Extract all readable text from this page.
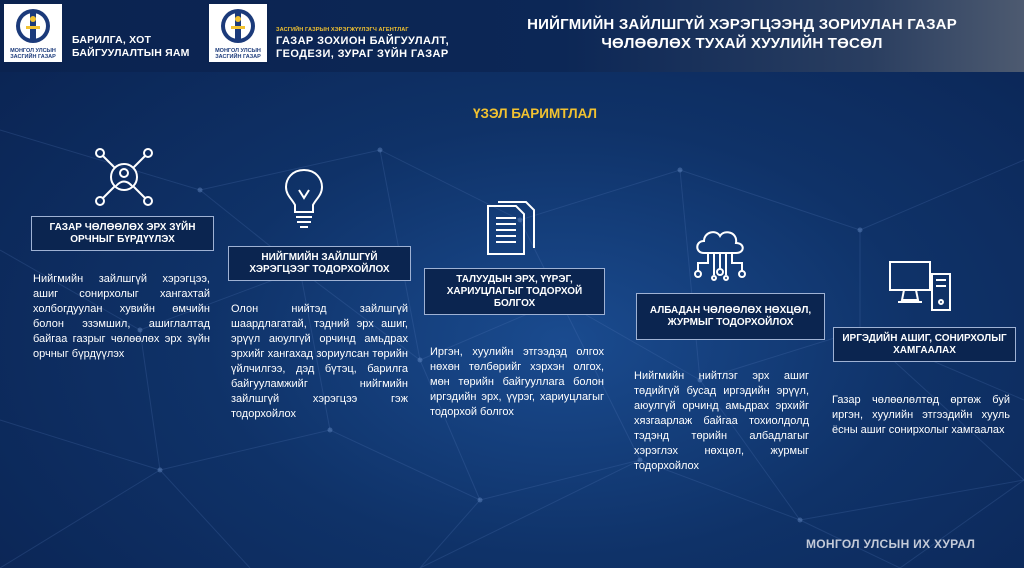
МОНГОЛ УЛСЫН
ЗАСГИЙН ГАЗАР
БАРИЛГА, ХОТ
БАЙГУУЛАЛТЫН ЯАМ	МОНГОЛ УЛСЫН
ЗАСГИЙН ГАЗАР
ЗАСГИЙН ГАЗРЫН ХЭРЭГЖҮҮЛЭГЧ АГЕНТЛАГ
ГАЗАР ЗОХИОН БАЙГУУЛАЛТ,
ГЕОДЕЗИ, ЗУРАГ ЗҮЙН ГАЗАР
НИЙГМИЙН ЗАЙЛШГҮЙ ХЭРЭГЦЭЭНД ЗОРИУЛАН ГАЗАР
ЧӨЛӨӨЛӨХ ТУХАЙ ХУУЛИЙН ТӨСӨЛ
ҮЗЭЛ БАРИМТЛАЛ
ГАЗАР ЧӨЛӨӨЛӨХ ЭРХ ЗҮЙН ОРЧНЫГ БҮРДҮҮЛЭХ
НИЙГМИЙН ЗАЙЛШГҮЙ ХЭРЭГЦЭЭГ ТОДОРХОЙЛОХ
ТАЛУУДЫН ЭРХ, ҮҮРЭГ, ХАРИУЦЛАГЫГ ТОДОРХОЙ БОЛГОХ
АЛБАДАН ЧӨЛӨӨЛӨХ НӨХЦӨЛ, ЖУРМЫГ ТОДОРХОЙЛОХ
ИРГЭДИЙН АШИГ, СОНИРХОЛЫГ ХАМГААЛАХ
Нийгмийн зайлшгүй хэрэгцээ, ашиг сонирхолыг хангахтай холбогдуулан хувийн өмчийн болон эзэмшил, ашиглалтад байгаа газрыг чөлөөлөх эрх зүйн орчныг бүрдүүлэх
Олон нийтэд зайлшгүй шаардлагатай, тэдний эрх ашиг, эрүүл аюулгүй орчинд амьдрах эрхийг хангахад зориулсан төрийн үйлчилгээ, дэд бүтэц, барилга байгууламжийг нийгмийн зайлшгүй хэрэгцээ гэж тодорхойлох
Иргэн, хуулийн этгээдэд олгох нөхөн төлбөрийг хэрхэн олгох, мөн төрийн байгууллага болон иргэдийн эрх, үүрэг, хариуцлагыг тодорхой болгох
Нийгмийн нийтлэг эрх ашиг төдийгүй бусад иргэдийн эрүүл, аюулгүй орчинд амьдрах эрхийг хязгаарлаж байгаа тохиолдолд тэдэнд төрийн албадлагыг хэрэглэх нөхцөл, журмыг тодорхойлох
Газар чөлөөлөлтөд өртөж буй иргэн, хуулийн этгээдийн хууль ёсны ашиг сонирхолыг хамгаалах
МОНГОЛ УЛСЫН ИХ ХУРАЛ
